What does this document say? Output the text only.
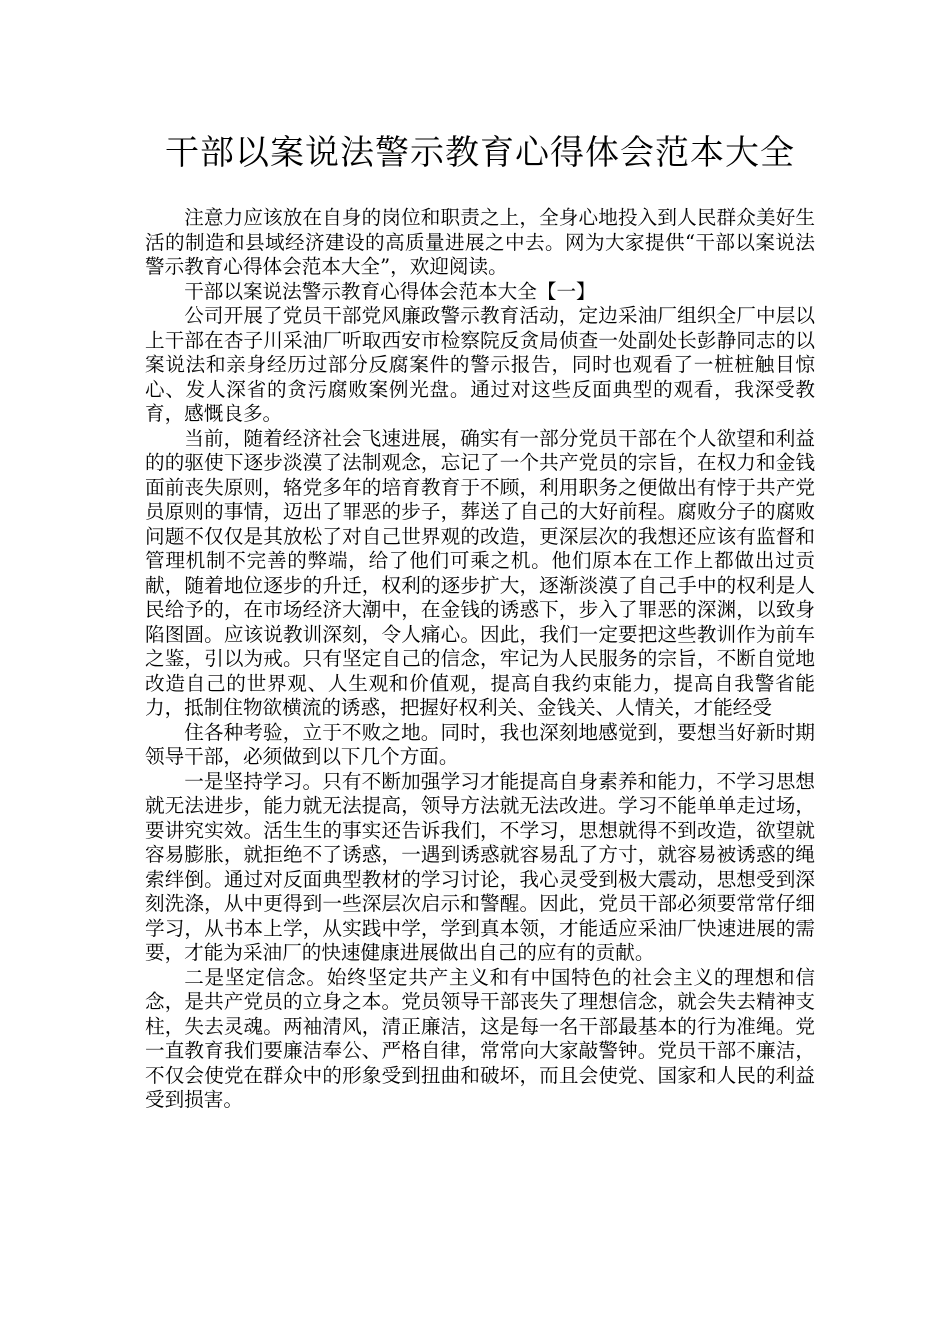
干部以案说法警示教育心得体会范本大全

注意力应该放在自身的岗位和职责之上，全身心地投入到人民群众美好生活的制造和县域经济建设的高质量进展之中去。网为大家提供“干部以案说法警示教育心得体会范本大全”，欢迎阅读。

干部以案说法警示教育心得体会范本大全【一】

公司开展了党员干部党风廉政警示教育活动，定边采油厂组织全厂中层以上干部在杏子川采油厂听取西安市检察院反贪局侦查一处副处长彭静同志的以案说法和亲身经历过部分反腐案件的警示报告，同时也观看了一桩桩触目惊心、发人深省的贪污腐败案例光盘。通过对这些反面典型的观看，我深受教育，感慨良多。

当前，随着经济社会飞速进展，确实有一部分党员干部在个人欲望和利益的的驱使下逐步淡漠了法制观念，忘记了一个共产党员的宗旨，在权力和金钱面前丧失原则，辂党多年的培育教育于不顾，利用职务之便做出有悖于共产党员原则的事情，迈出了罪恶的步子，葬送了自己的大好前程。腐败分子的腐败问题不仅仅是其放松了对自己世界观的改造，更深层次的我想还应该有监督和管理机制不完善的弊端，给了他们可乘之机。他们原本在工作上都做出过贡献，随着地位逐步的升迁，权利的逐步扩大，逐渐淡漠了自己手中的权利是人民给予的，在市场经济大潮中，在金钱的诱惑下，步入了罪恶的深渊，以致身陷图圄。应该说教训深刻，令人痛心。因此，我们一定要把这些教训作为前车之鉴，引以为戒。只有坚定自己的信念，牢记为人民服务的宗旨，不断自觉地改造自己的世界观、人生观和价值观，提高自我约束能力，提高自我警省能力，抵制住物欲横流的诱惑，把握好权利关、金钱关、人情关，才能经受

住各种考验，立于不败之地。同时，我也深刻地感觉到，要想当好新时期领导干部，必须做到以下几个方面。

一是坚持学习。只有不断加强学习才能提高自身素养和能力，不学习思想就无法进步，能力就无法提高，领导方法就无法改进。学习不能单单走过场，要讲究实效。活生生的事实还告诉我们，不学习，思想就得不到改造，欲望就容易膨胀，就拒绝不了诱惑，一遇到诱惑就容易乱了方寸，就容易被诱惑的绳索绊倒。通过对反面典型教材的学习讨论，我心灵受到极大震动，思想受到深刻洗涤，从中更得到一些深层次启示和警醒。因此，党员干部必须要常常仔细学习，从书本上学，从实践中学，学到真本领，才能适应采油厂快速进展的需要，才能为采油厂的快速健康进展做出自己的应有的贡献。

二是坚定信念。始终坚定共产主义和有中国特色的社会主义的理想和信念，是共产党员的立身之本。党员领导干部丧失了理想信念，就会失去精神支柱，失去灵魂。两袖清风，清正廉洁，这是每一名干部最基本的行为准绳。党一直教育我们要廉洁奉公、严格自律，常常向大家敲警钟。党员干部不廉洁，不仅会使党在群众中的形象受到扭曲和破坏，而且会使党、国家和人民的利益受到损害。
